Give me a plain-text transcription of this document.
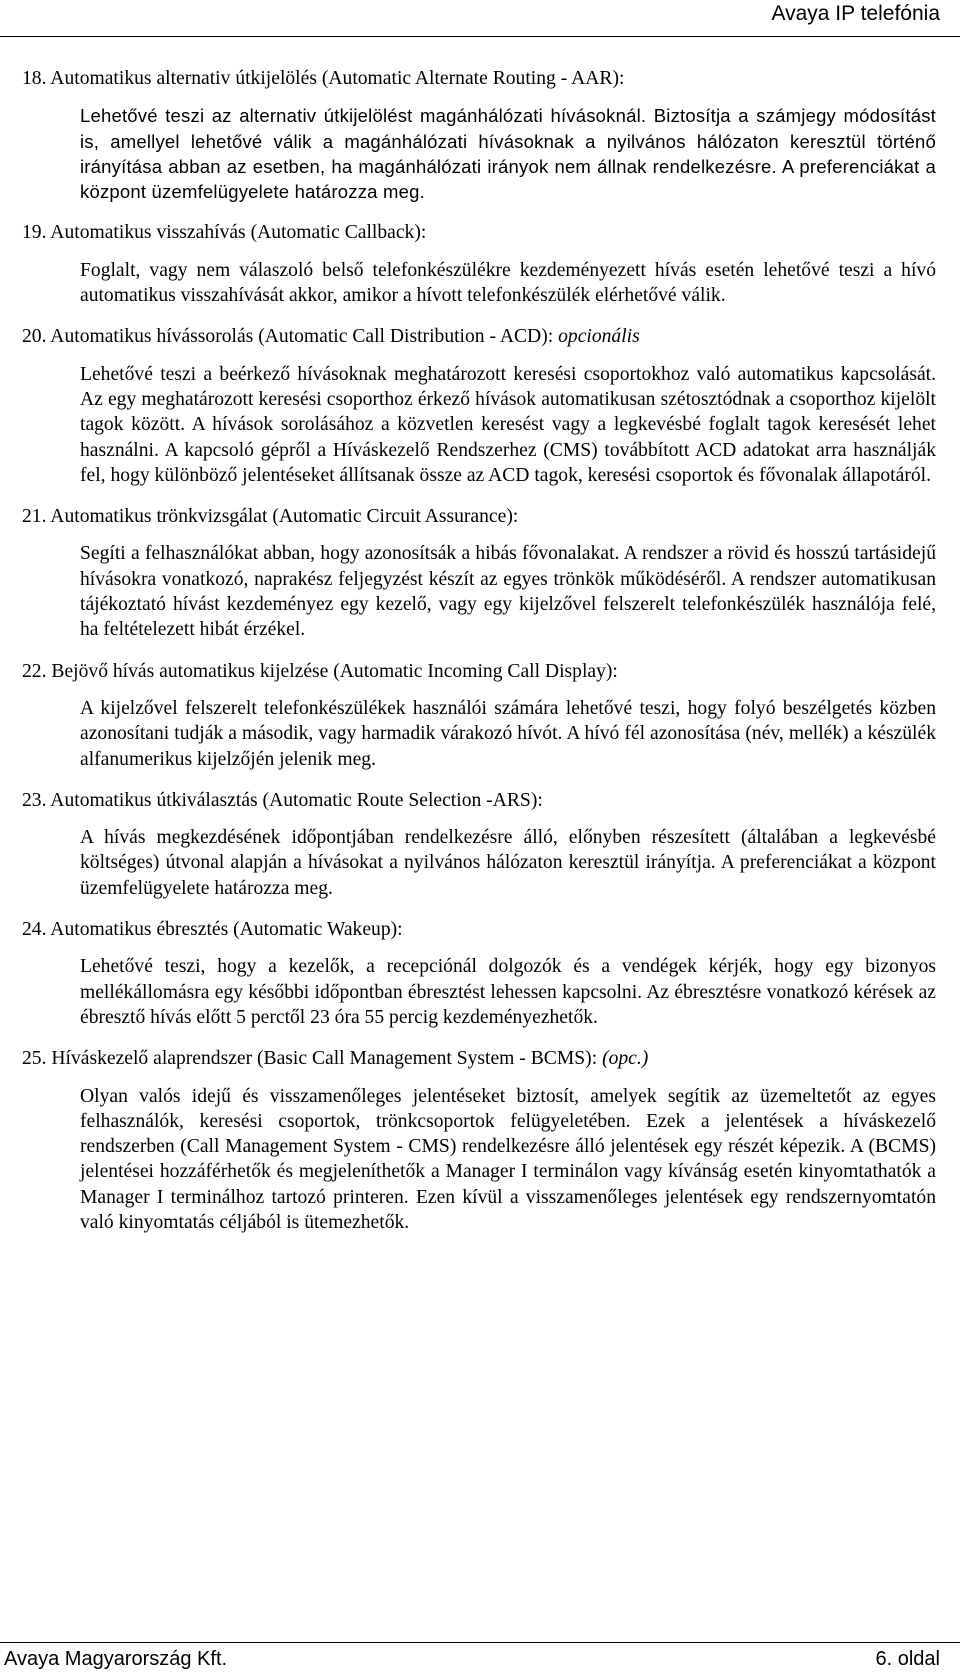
Avaya IP telefónia
18. Automatikus alternativ útkijelölés (Automatic Alternate Routing - AAR):

Lehetővé teszi az alternativ útkijelölést magánhálózati hívásoknál. Biztosítja a számjegy módosítást is, amellyel lehetővé válik a magánhálózati hívásoknak a nyilvános hálózaton keresztül történő irányítása abban az esetben, ha magánhálózati irányok nem állnak rendelkezésre. A preferenciákat a központ üzemfelügyelete határozza meg.

19. Automatikus visszahívás (Automatic Callback):

Foglalt, vagy nem válaszoló belső telefonkészülékre kezdeményezett hívás esetén lehetővé teszi a hívó automatikus visszahívását akkor, amikor a hívott telefonkészülék elérhetővé válik.

20. Automatikus hívássorolás (Automatic Call Distribution - ACD): opcionális

Lehetővé teszi a beérkező hívásoknak meghatározott keresési csoportokhoz való automatikus kapcsolását. Az egy meghatározott keresési csoporthoz érkező hívások automatikusan szétosztódnak a csoporthoz kijelölt tagok között. A hívások sorolásához a közvetlen keresést vagy a legkevésbé foglalt tagok keresését lehet használni. A kapcsoló gépről a Híváskezelő Rendszerhez (CMS) továbbított ACD adatokat arra használják fel, hogy különböző jelentéseket állítsanak össze az ACD tagok, keresési csoportok és fővonalak állapotáról.

21. Automatikus trönkvizsgálat (Automatic Circuit Assurance):

Segíti a felhasználókat abban, hogy azonosítsák a hibás fővonalakat. A rendszer a rövid és hosszú tartásidejű hívásokra vonatkozó, naprakész feljegyzést készít az egyes trönkök működéséről. A rendszer automatikusan tájékoztató hívást kezdeményez egy kezelő, vagy egy kijelzővel felszerelt telefonkészülék használója felé, ha feltételezett hibát érzékel.

22. Bejövő hívás automatikus kijelzése (Automatic Incoming Call Display):

A kijelzővel felszerelt telefonkészülékek használói számára lehetővé teszi, hogy folyó beszélgetés közben azonosítani tudják a második, vagy harmadik várakozó hívót. A hívó fél azonosítása (név, mellék) a készülék alfanumerikus kijelzőjén jelenik meg.

23. Automatikus útkiválasztás (Automatic Route Selection -ARS):

A hívás megkezdésének időpontjában rendelkezésre álló, előnyben részesített (általában a legkevésbé költséges) útvonal alapján a hívásokat a nyilvános hálózaton keresztül irányítja. A preferenciákat a központ üzemfelügyelete határozza meg.

24. Automatikus ébresztés (Automatic Wakeup):

Lehetővé teszi, hogy a kezelők, a recepciónál dolgozók és a vendégek kérjék, hogy egy bizonyos mellékállomásra egy későbbi időpontban ébresztést lehessen kapcsolni. Az ébresztésre vonatkozó kérések az ébresztő hívás előtt 5 perctől 23 óra 55 percig kezdeményezhetők.

25. Híváskezelő alaprendszer (Basic Call Management System - BCMS): (opc.)

Olyan valós idejű és visszamenőleges jelentéseket biztosít, amelyek segítik az üzemeltetőt az egyes felhasználók, keresési csoportok, trönkcsoportok felügyeletében. Ezek a jelentések a híváskezelő rendszerben (Call Management System - CMS) rendelkezésre álló jelentések egy részét képezik. A (BCMS) jelentései hozzáférhetők és megjeleníthetők a Manager I terminálon vagy kívánság esetén kinyomtathatók a Manager I terminálhoz tartozó printeren. Ezen kívül a visszamenőleges jelentések egy rendszernyomtatón való kinyomtatás céljából is ütemezhetők.

Avaya Magyarország Kft.	6. oldal
